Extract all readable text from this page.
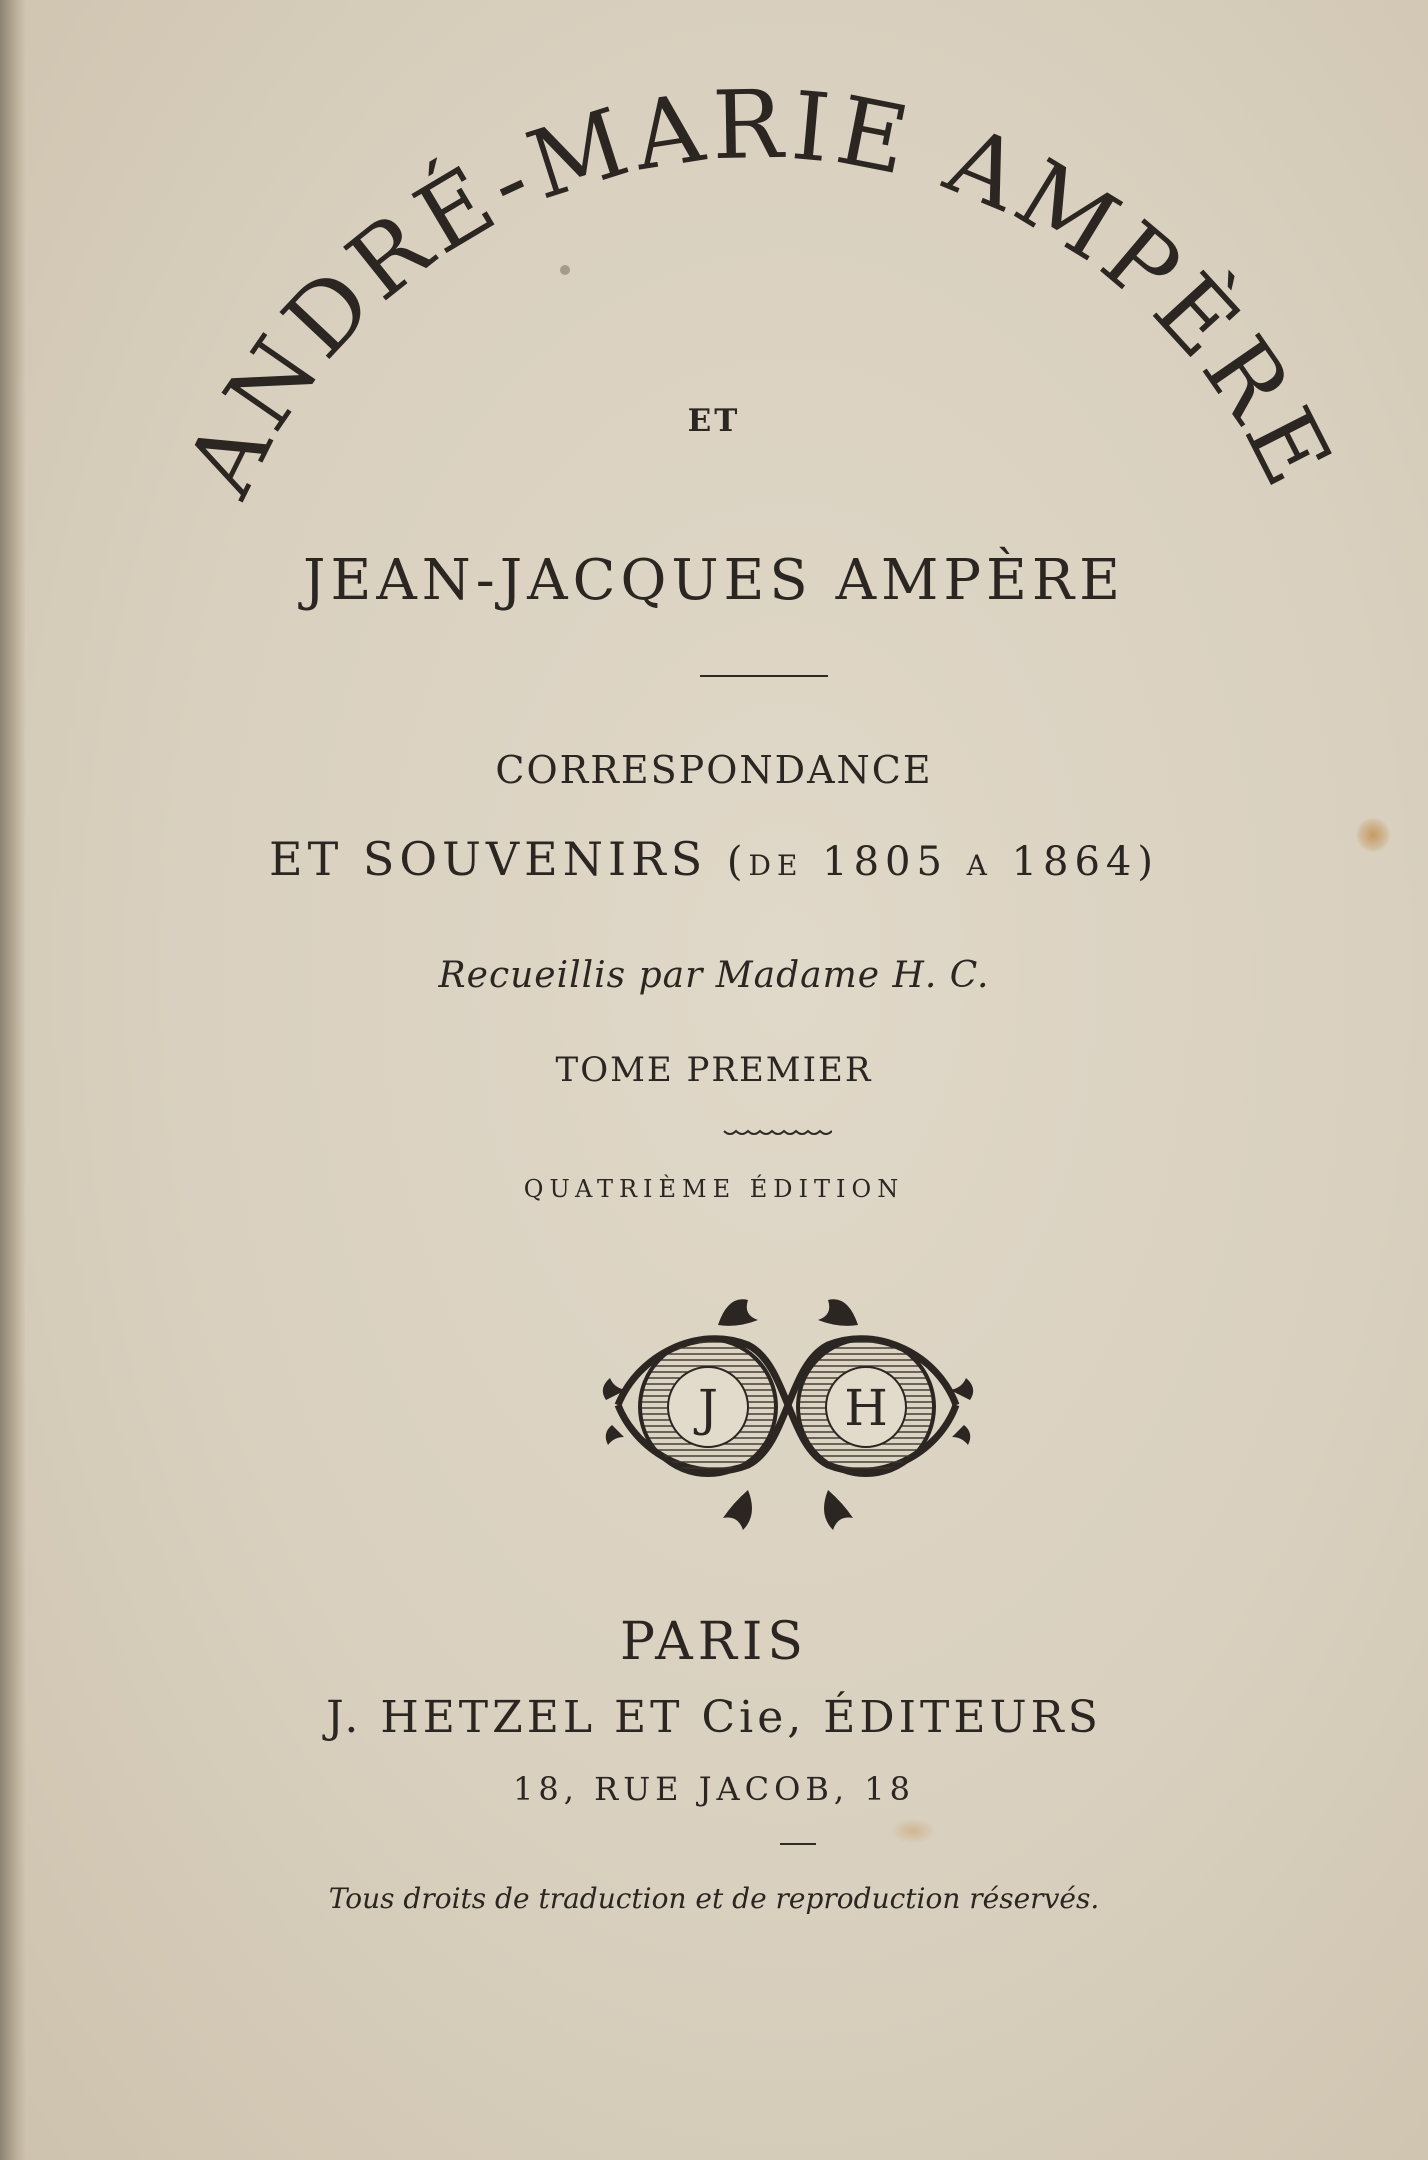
ANDRÉ-MARIE AMPÈRE
ET
JEAN-JACQUES AMPÈRE
CORRESPONDANCE
ET SOUVENIRS (de 1805 a 1864)
Recueillis par Madame H. C.
TOME PREMIER
QUATRIÈME ÉDITION
J	H
PARIS
J. HETZEL ET Cie, ÉDITEURS
18, RUE JACOB, 18
Tous droits de traduction et de reproduction réservés.
